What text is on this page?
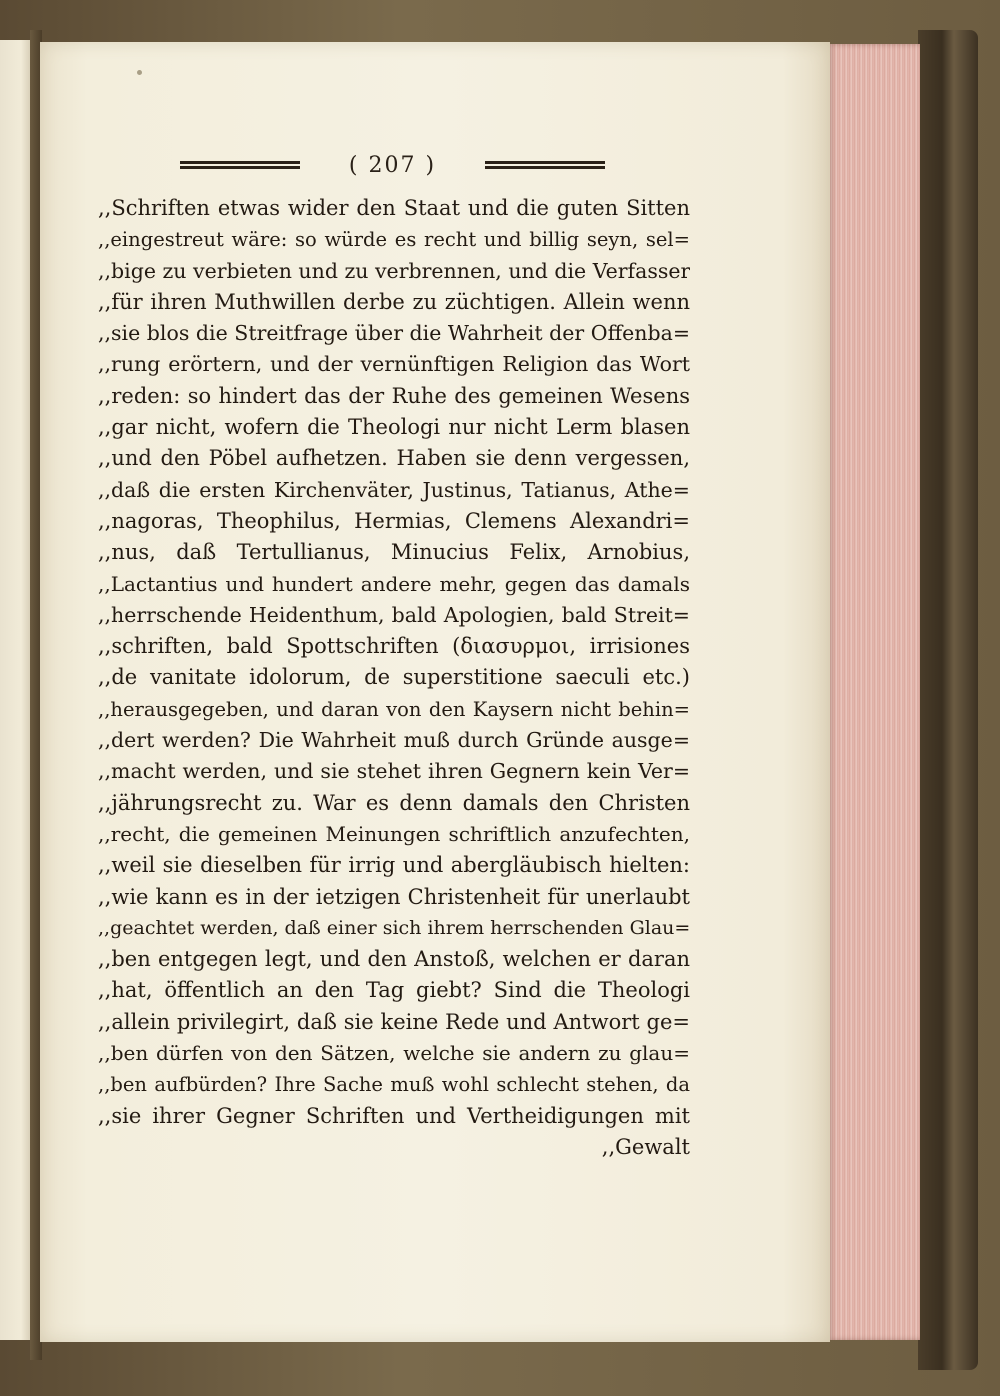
( 207 )
,,Schriften etwas wider den Staat und die guten Sitten
,,eingestreut wäre: so würde es recht und billig seyn, sel=
,,bige zu verbieten und zu verbrennen, und die Verfasser
,,für ihren Muthwillen derbe zu züchtigen. Allein wenn
,,sie blos die Streitfrage über die Wahrheit der Offenba=
,,rung erörtern, und der vernünftigen Religion das Wort
,,reden: so hindert das der Ruhe des gemeinen Wesens
,,gar nicht, wofern die Theologi nur nicht Lerm blasen
,,und den Pöbel aufhetzen. Haben sie denn vergessen,
,,daß die ersten Kirchenväter, Justinus, Tatianus, Athe=
,,nagoras, Theophilus, Hermias, Clemens Alexandri=
,,nus, daß Tertullianus, Minucius Felix, Arnobius,
,,Lactantius und hundert andere mehr, gegen das damals
,,herrschende Heidenthum, bald Apologien, bald Streit=
,,schriften, bald Spottschriften (διασυρμοι, irrisiones
,,de vanitate idolorum, de superstitione saeculi etc.)
,,herausgegeben, und daran von den Kaysern nicht behin=
,,dert werden? Die Wahrheit muß durch Gründe ausge=
,,macht werden, und sie stehet ihren Gegnern kein Ver=
,,jährungsrecht zu. War es denn damals den Christen
,,recht, die gemeinen Meinungen schriftlich anzufechten,
,,weil sie dieselben für irrig und abergläubisch hielten:
,,wie kann es in der ietzigen Christenheit für unerlaubt
,,geachtet werden, daß einer sich ihrem herrschenden Glau=
,,ben entgegen legt, und den Anstoß, welchen er daran
,,hat, öffentlich an den Tag giebt? Sind die Theologi
,,allein privilegirt, daß sie keine Rede und Antwort ge=
,,ben dürfen von den Sätzen, welche sie andern zu glau=
,,ben aufbürden? Ihre Sache muß wohl schlecht stehen, da
,,sie ihrer Gegner Schriften und Vertheidigungen mit
,,Gewalt
